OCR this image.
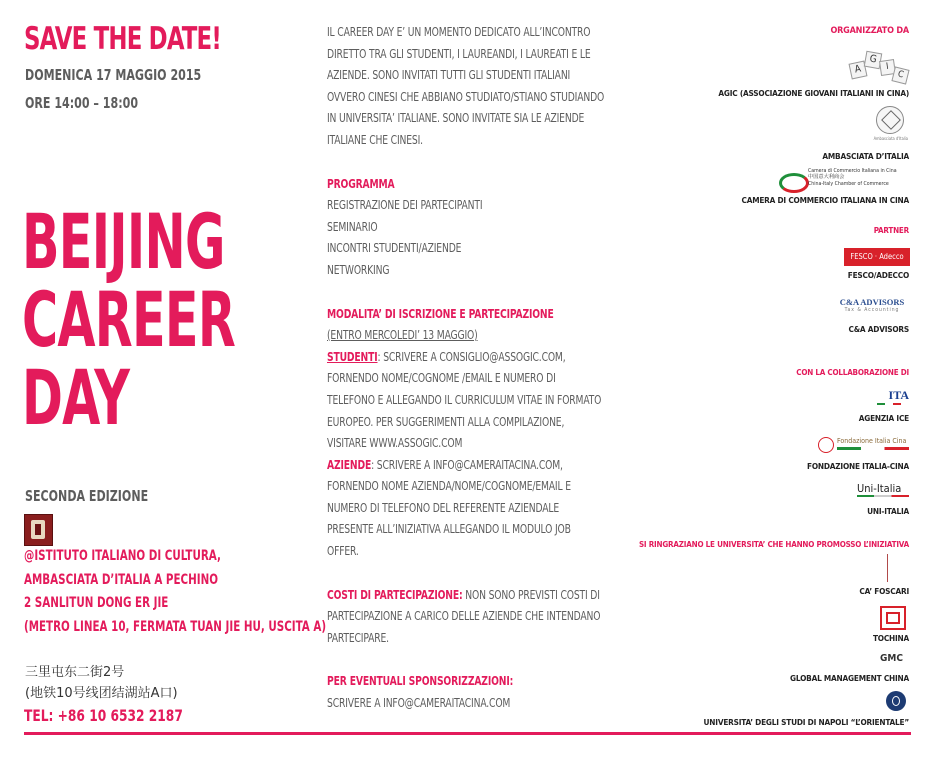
SAVE THE DATE!
DOMENICA 17 MAGGIO 2015
ORE 14:00 – 18:00
BEIJING
CAREER
DAY
SECONDA EDIZIONE
@ISTITUTO ITALIANO DI CULTURA,
AMBASCIATA D’ITALIA A PECHINO
2 SANLITUN DONG ER JIE
(METRO LINEA 10, FERMATA TUAN JIE HU, USCITA A)
三里屯东二街2号
(地铁10号线团结湖站A口)
TEL: +86 10 6532 2187
IL CAREER DAY E’ UN MOMENTO DEDICATO ALL’INCONTRO
DIRETTO TRA GLI STUDENTI, I LAUREANDI, I LAUREATI E LE
AZIENDE. SONO INVITATI TUTTI GLI STUDENTI ITALIANI
OVVERO CINESI CHE ABBIANO STUDIATO/STIANO STUDIANDO
IN UNIVERSITA’ ITALIANE. SONO INVITATE SIA LE AZIENDE
ITALIANE CHE CINESI.
PROGRAMMA
REGISTRAZIONE DEI PARTECIPANTI
SEMINARIO
INCONTRI STUDENTI/AZIENDE
NETWORKING
MODALITA’ DI ISCRIZIONE E PARTECIPAZIONE
(ENTRO MERCOLEDI’ 13 MAGGIO)
STUDENTI: SCRIVERE A CONSIGLIO@ASSOGIC.COM,
FORNENDO NOME/COGNOME /EMAIL E NUMERO DI
TELEFONO E ALLEGANDO IL CURRICULUM VITAE IN FORMATO
EUROPEO. PER SUGGERIMENTI ALLA COMPILAZIONE,
VISITARE WWW.ASSOGIC.COM
AZIENDE: SCRIVERE A INFO@CAMERAITACINA.COM,
FORNENDO NOME AZIENDA/NOME/COGNOME/EMAIL E
NUMERO DI TELEFONO DEL REFERENTE AZIENDALE
PRESENTE ALL’INIZIATIVA ALLEGANDO IL MODULO JOB
OFFER.
COSTI DI PARTECIPAZIONE: NON SONO PREVISTI COSTI DI
PARTECIPAZIONE A CARICO DELLE AZIENDE CHE INTENDANO
PARTECIPARE.
PER EVENTUALI SPONSORIZZAZIONI:
SCRIVERE A INFO@CAMERAITACINA.COM
ORGANIZZATO DA
A
G
I
C
AGIC (ASSOCIAZIONE GIOVANI ITALIANI IN CINA)
Ambasciata d'Italia
AMBASCIATA D’ITALIA
Camera di Commercio Italiana in Cina
中国意大利商会
China-Italy Chamber of Commerce
CAMERA DI COMMERCIO ITALIANA IN CINA
PARTNER
FESCO · Adecco
FESCO/ADECCO
C&A ADVISORS
Tax & Accounting
C&A ADVISORS
CON LA COLLABORAZIONE DI
ITA
AGENZIA ICE
Fondazione Italia Cina
FONDAZIONE ITALIA-CINA
Uni-Italia
UNI-ITALIA
SI RINGRAZIANO LE UNIVERSITA’ CHE HANNO PROMOSSO L’INIZIATIVA
CA’ FOSCARI
TOCHINA
GMC
GLOBAL MANAGEMENT CHINA
UNIVERSITA’ DEGLI STUDI DI NAPOLI “L’ORIENTALE”
